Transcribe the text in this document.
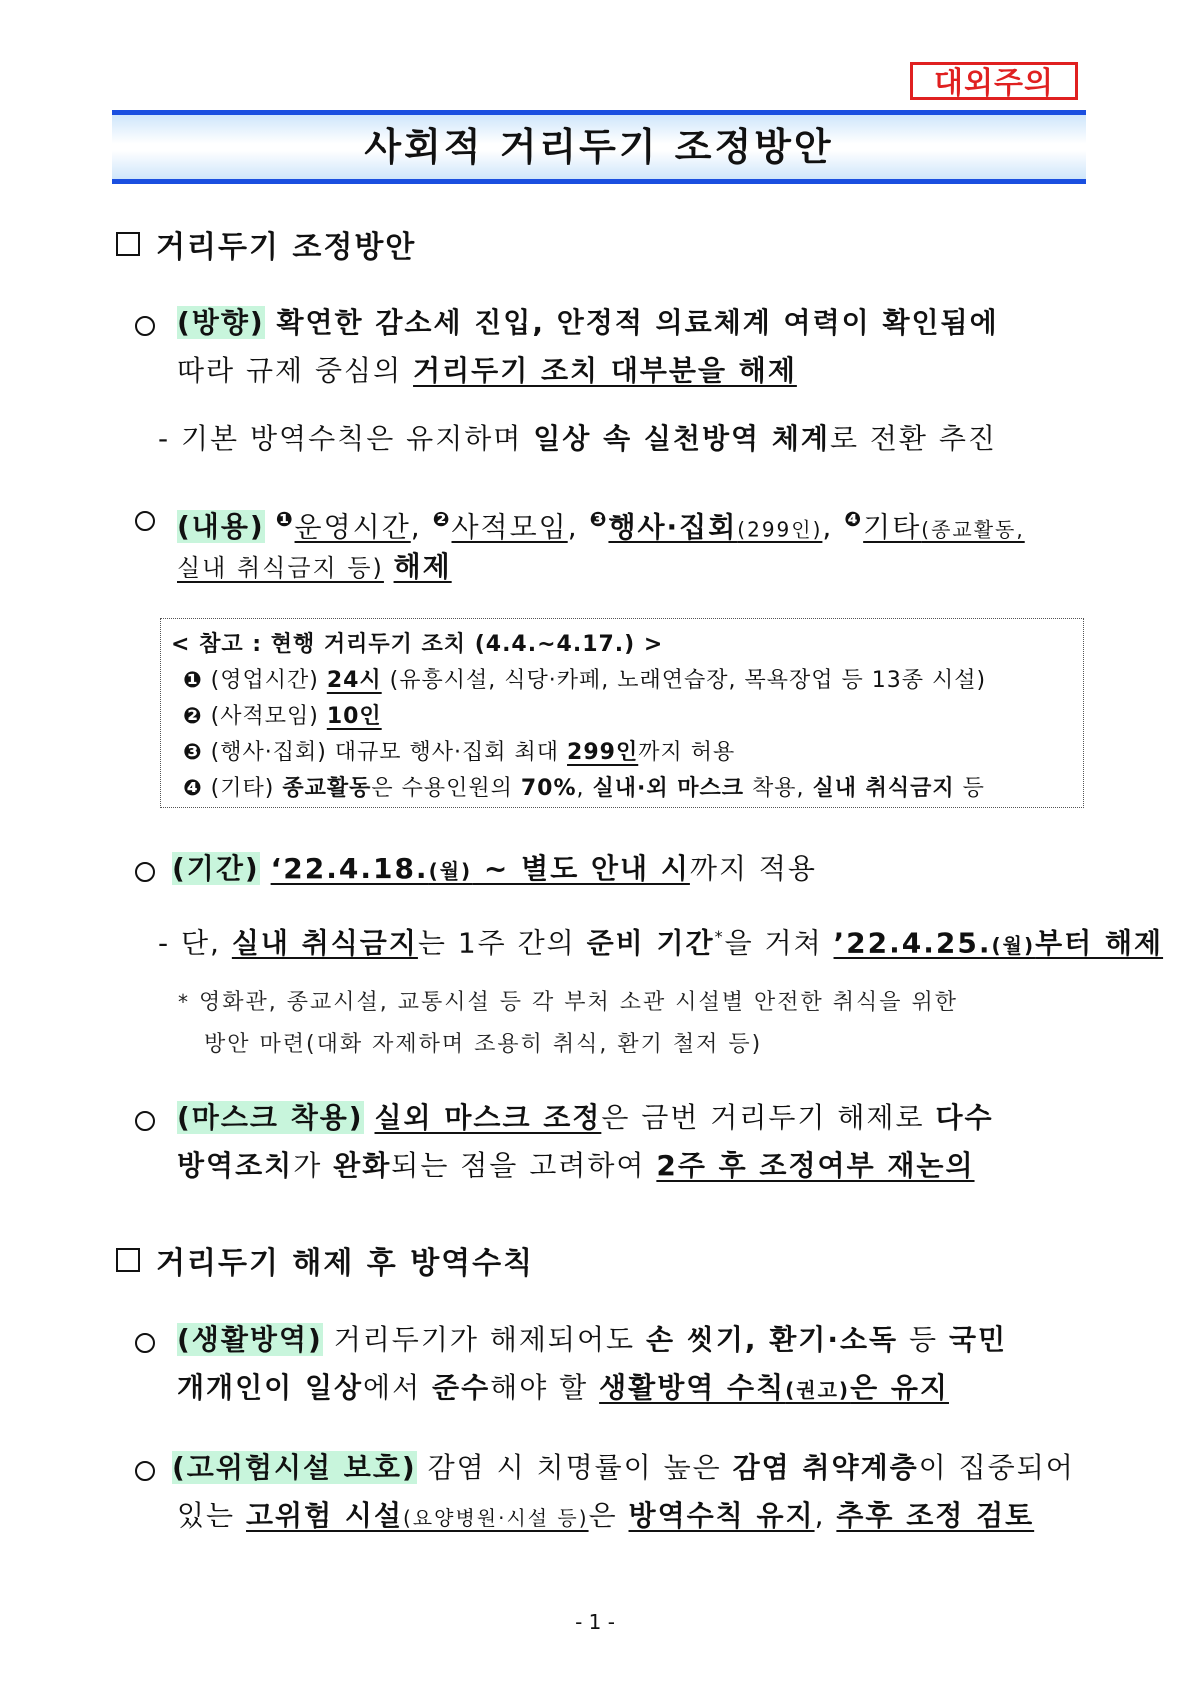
대외주의
사회적 거리두기 조정방안
거리두기 조정방안
(방향) 확연한 감소세 진입, 안정적 의료체계 여력이 확인됨에
따라 규제 중심의 거리두기 조치 대부분을 해제
- 기본 방역수칙은 유지하며 일상 속 실천방역 체계로 전환 추진
(내용) $^❶$운영시간, $^❷$사적모임, $^❸$행사·집회(299인), $^❹$기타(종교활동,
실내 취식금지 등) 해제
< 참고 : 현행 거리두기 조치 (4.4.~4.17.) >
❶ (영업시간) 24시 (유흥시설, 식당·카페, 노래연습장, 목욕장업 등 13종 시설)
❷ (사적모임) 10인
❸ (행사·집회) 대규모 행사·집회 최대 299인까지 허용
❹ (기타) 종교활동은 수용인원의 70%, 실내·외 마스크 착용, 실내 취식금지 등
(기간) ‘22.4.18.(월) ~ 별도 안내 시까지 적용
- 단, 실내 취식금지는 1주 간의 준비 기간*을 거쳐 ’22.4.25.(월)부터 해제
* 영화관, 종교시설, 교통시설 등 각 부처 소관 시설별 안전한 취식을 위한
방안 마련(대화 자제하며 조용히 취식, 환기 철저 등)
(마스크 착용) 실외 마스크 조정은 금번 거리두기 해제로 다수
방역조치가 완화되는 점을 고려하여 2주 후 조정여부 재논의
거리두기 해제 후 방역수칙
(생활방역) 거리두기가 해제되어도 손 씻기, 환기·소독 등 국민
개개인이 일상에서 준수해야 할 생활방역 수칙(권고)은 유지
(고위험시설 보호) 감염 시 치명률이 높은 감염 취약계층이 집중되어
있는 고위험 시설(요양병원·시설 등)은 방역수칙 유지, 추후 조정 검토
- 1 -
